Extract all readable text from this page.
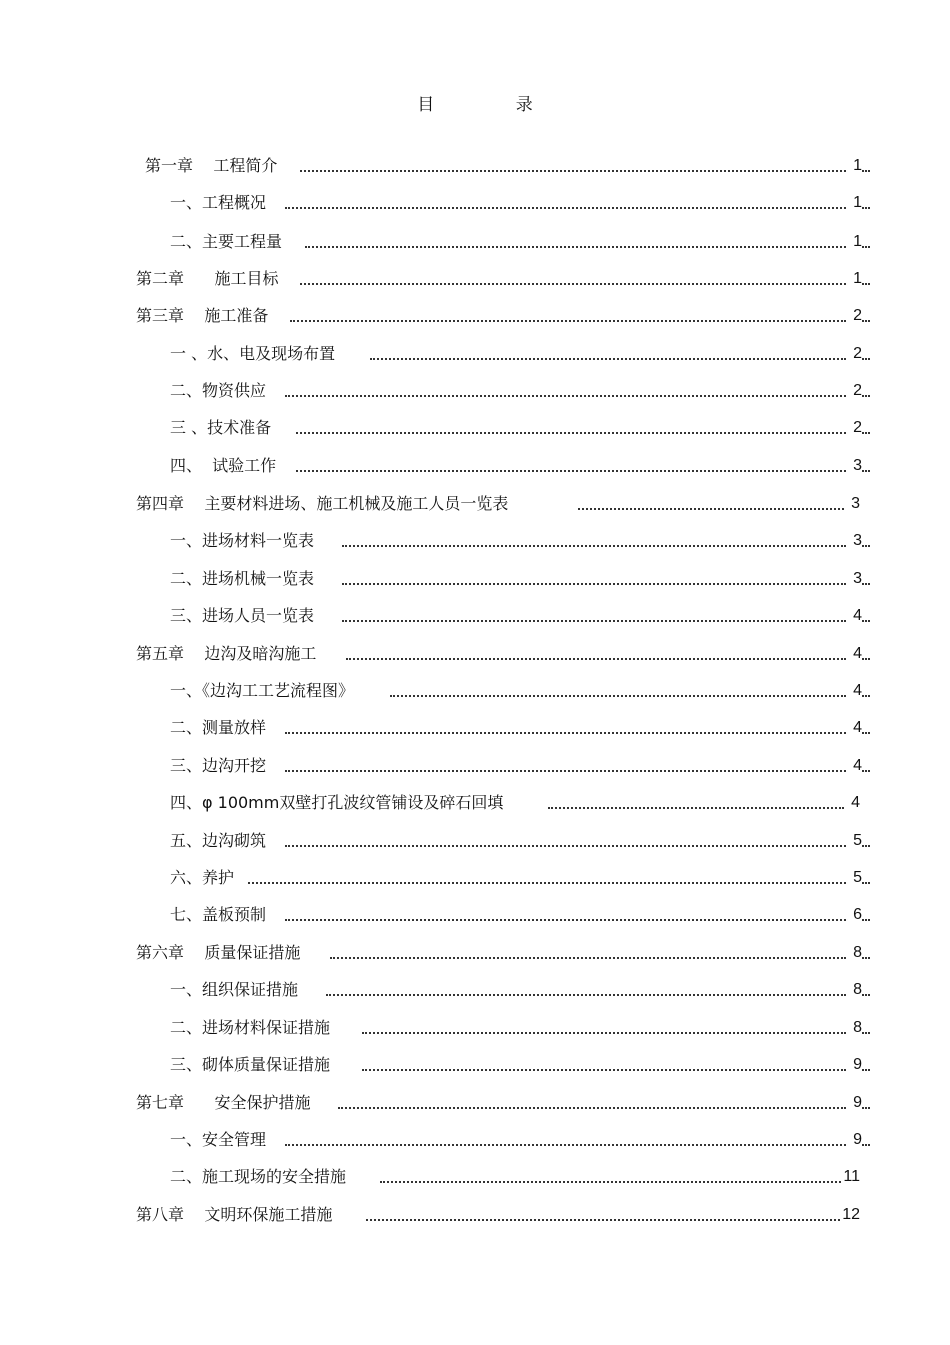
目 录
第一章    工程简介	1
一、工程概况	1
二、主要工程量	1
第二章      施工目标	1
第三章    施工准备	2
一 、水、电及现场布置	2
二、物资供应	2
三 、技术准备	2
四、  试验工作	3
第四章    主要材料进场、施工机械及施工人员一览表	3
一、进场材料一览表	3
二、进场机械一览表	3
三、进场人员一览表	4
第五章    边沟及暗沟施工	4
一、《边沟工工艺流程图》	4
二、测量放样	4
三、边沟开挖	4
四、φ 100mm双壁打孔波纹管铺设及碎石回填	4
五、边沟砌筑	5
六、养护	5
七、盖板预制	6
第六章    质量保证措施	8
一、组织保证措施	8
二、进场材料保证措施	8
三、砌体质量保证措施	9
第七章      安全保护措施	9
一、安全管理	9
二、施工现场的安全措施	11
第八章    文明环保施工措施	12
